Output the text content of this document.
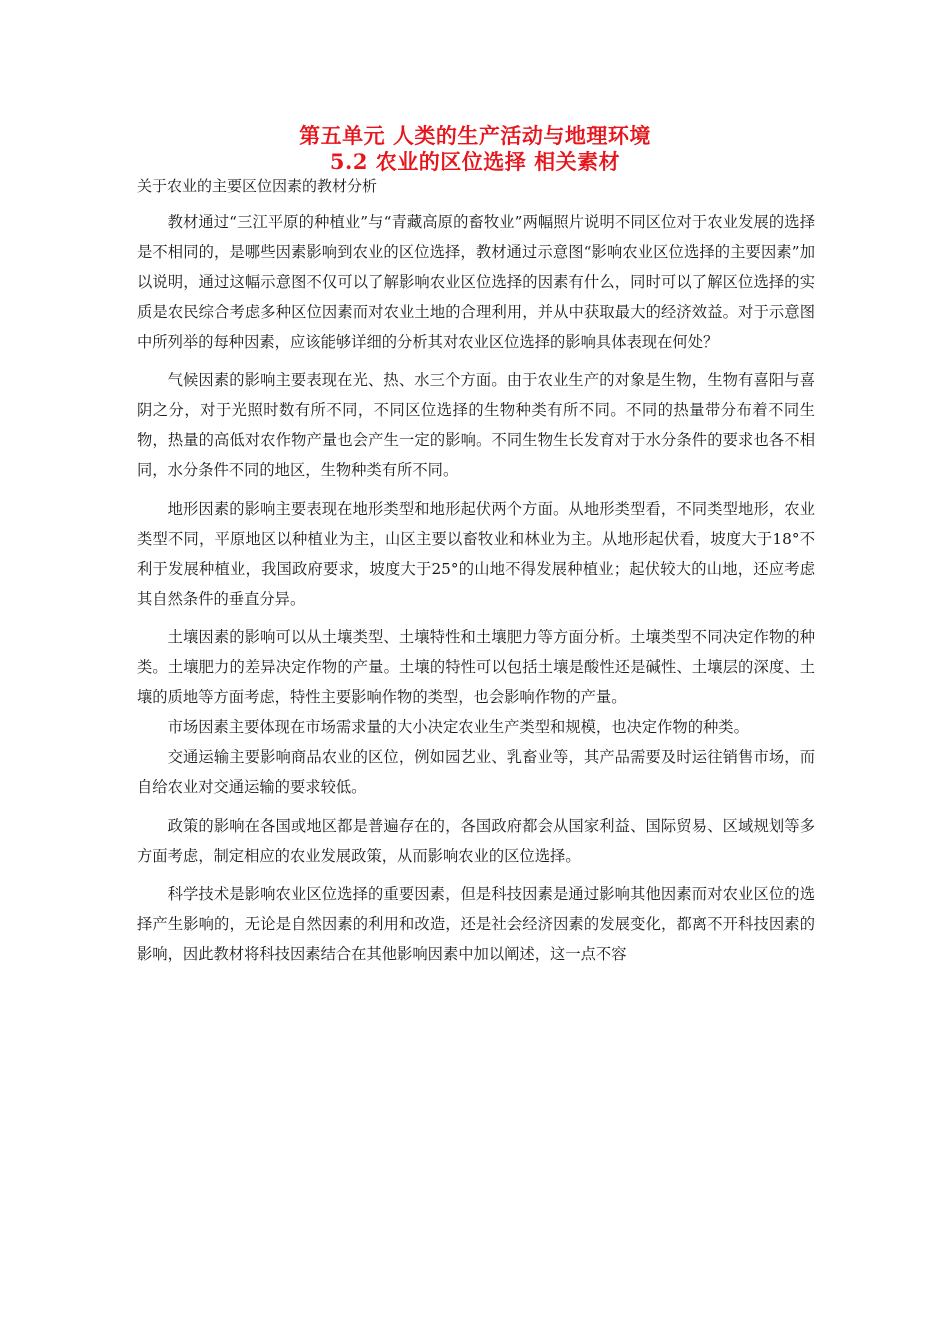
第五单元 人类的生产活动与地理环境
5.2 农业的区位选择 相关素材
关于农业的主要区位因素的教材分析

教材通过“三江平原的种植业”与“青藏高原的畜牧业”两幅照片说明不同区位对于农业发展的选择是不相同的，是哪些因素影响到农业的区位选择，教材通过示意图“影响农业区位选择的主要因素”加以说明，通过这幅示意图不仅可以了解影响农业区位选择的因素有什么，同时可以了解区位选择的实质是农民综合考虑多种区位因素而对农业土地的合理利用，并从中获取最大的经济效益。对于示意图中所列举的每种因素，应该能够详细的分析其对农业区位选择的影响具体表现在何处？

气候因素的影响主要表现在光、热、水三个方面。由于农业生产的对象是生物，生物有喜阳与喜阴之分，对于光照时数有所不同，不同区位选择的生物种类有所不同。不同的热量带分布着不同生物，热量的高低对农作物产量也会产生一定的影响。不同生物生长发育对于水分条件的要求也各不相同，水分条件不同的地区，生物种类有所不同。

地形因素的影响主要表现在地形类型和地形起伏两个方面。从地形类型看，不同类型地形，农业类型不同，平原地区以种植业为主，山区主要以畜牧业和林业为主。从地形起伏看，坡度大于18°不利于发展种植业，我国政府要求，坡度大于25°的山地不得发展种植业；起伏较大的山地，还应考虑其自然条件的垂直分异。

土壤因素的影响可以从土壤类型、土壤特性和土壤肥力等方面分析。土壤类型不同决定作物的种类。土壤肥力的差异决定作物的产量。土壤的特性可以包括土壤是酸性还是碱性、土壤层的深度、土壤的质地等方面考虑，特性主要影响作物的类型，也会影响作物的产量。

市场因素主要体现在市场需求量的大小决定农业生产类型和规模，也决定作物的种类。

交通运输主要影响商品农业的区位，例如园艺业、乳畜业等，其产品需要及时运往销售市场，而自给农业对交通运输的要求较低。

政策的影响在各国或地区都是普遍存在的，各国政府都会从国家利益、国际贸易、区域规划等多方面考虑，制定相应的农业发展政策，从而影响农业的区位选择。

科学技术是影响农业区位选择的重要因素，但是科技因素是通过影响其他因素而对农业区位的选择产生影响的，无论是自然因素的利用和改造，还是社会经济因素的发展变化，都离不开科技因素的影响，因此教材将科技因素结合在其他影响因素中加以阐述，这一点不容
